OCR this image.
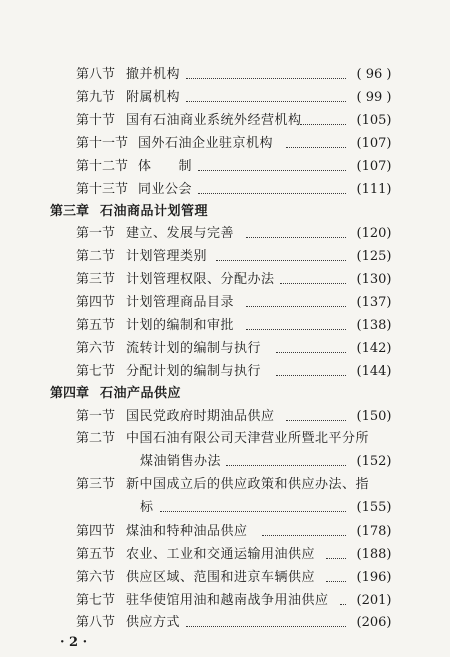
第八节 撤并机构	( 96 )
第九节 附属机构	( 99 )
第十节 国有石油商业系统外经营机构	(105)
第十一节 国外石油企业驻京机构	(107)
第十二节 体　　制	(107)
第十三节 同业公会	(111)
第三章 石油商品计划管理
第一节 建立、发展与完善	(120)
第二节 计划管理类别	(125)
第三节 计划管理权限、分配办法	(130)
第四节 计划管理商品目录	(137)
第五节 计划的编制和审批	(138)
第六节 流转计划的编制与执行	(142)
第七节 分配计划的编制与执行	(144)
第四章 石油产品供应
第一节 国民党政府时期油品供应	(150)
第二节 中国石油有限公司天津营业所暨北平分所
煤油销售办法	(152)
第三节 新中国成立后的供应政策和供应办法、指
标	(155)
第四节 煤油和特种油品供应	(178)
第五节 农业、工业和交通运输用油供应	(188)
第六节 供应区域、范围和进京车辆供应	(196)
第七节 驻华使馆用油和越南战争用油供应	(201)
第八节 供应方式	(206)
· 2 ·
